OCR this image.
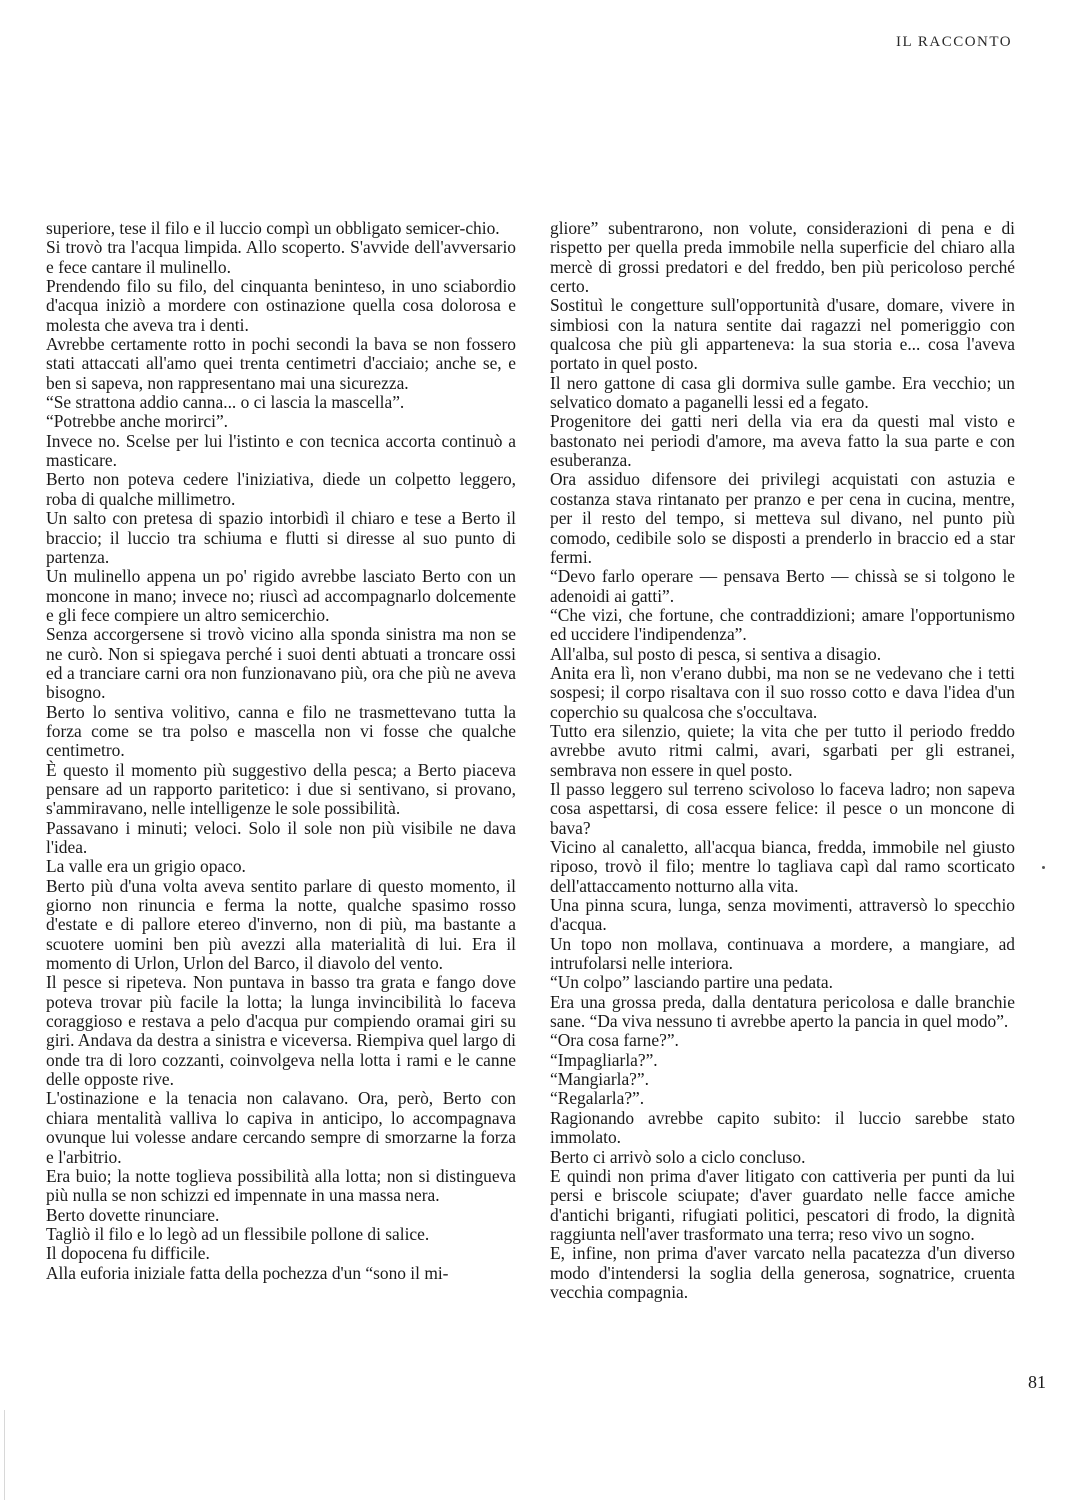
IL RACCONTO

superiore, tese il filo e il luccio compì un obbligato semicer-chio.

Si trovò tra l'acqua limpida. Allo scoperto. S'avvide dell'avversario e fece cantare il mulinello.

Prendendo filo su filo, del cinquanta beninteso, in uno sciabordio d'acqua iniziò a mordere con ostinazione quella cosa dolorosa e molesta che aveva tra i denti.

Avrebbe certamente rotto in pochi secondi la bava se non fossero stati attaccati all'amo quei trenta centimetri d'acciaio; anche se, e ben si sapeva, non rappresentano mai una sicurezza.

“Se strattona addio canna... o ci lascia la mascella”.

“Potrebbe anche morirci”.

Invece no. Scelse per lui l'istinto e con tecnica accorta continuò a masticare.

Berto non poteva cedere l'iniziativa, diede un colpetto leggero, roba di qualche millimetro.

Un salto con pretesa di spazio intorbidì il chiaro e tese a Berto il braccio; il luccio tra schiuma e flutti si diresse al suo punto di partenza.

Un mulinello appena un po' rigido avrebbe lasciato Berto con un moncone in mano; invece no; riuscì ad accompagnarlo dolcemente e gli fece compiere un altro semicerchio.

Senza accorgersene si trovò vicino alla sponda sinistra ma non se ne curò. Non si spiegava perché i suoi denti abtuati a troncare ossi ed a tranciare carni ora non funzionavano più, ora che più ne aveva bisogno.

Berto lo sentiva volitivo, canna e filo ne trasmettevano tutta la forza come se tra polso e mascella non vi fosse che qualche centimetro.

È questo il momento più suggestivo della pesca; a Berto piaceva pensare ad un rapporto paritetico: i due si sentivano, si provano, s'ammiravano, nelle intelligenze le sole possibilità.

Passavano i minuti; veloci. Solo il sole non più visibile ne dava l'idea.

La valle era un grigio opaco.

Berto più d'una volta aveva sentito parlare di questo momento, il giorno non rinuncia e ferma la notte, qualche spasimo rosso d'estate e di pallore etereo d'inverno, non di più, ma bastante a scuotere uomini ben più avezzi alla materialità di lui. Era il momento di Urlon, Urlon del Barco, il diavolo del vento.

Il pesce si ripeteva. Non puntava in basso tra grata e fango dove poteva trovar più facile la lotta; la lunga invincibilità lo faceva coraggioso e restava a pelo d'acqua pur compiendo oramai giri su giri. Andava da destra a sinistra e viceversa. Riempiva quel largo di onde tra di loro cozzanti, coinvolgeva nella lotta i rami e le canne delle opposte rive.

L'ostinazione e la tenacia non calavano. Ora, però, Berto con chiara mentalità valliva lo capiva in anticipo, lo accompagnava ovunque lui volesse andare cercando sempre di smorzarne la forza e l'arbitrio.

Era buio; la notte toglieva possibilità alla lotta; non si distingueva più nulla se non schizzi ed impennate in una massa nera.

Berto dovette rinunciare.

Tagliò il filo e lo legò ad un flessibile pollone di salice.

Il dopocena fu difficile.

Alla euforia iniziale fatta della pochezza d'un “sono il mi-

gliore” subentrarono, non volute, considerazioni di pena e di rispetto per quella preda immobile nella superficie del chiaro alla mercè di grossi predatori e del freddo, ben più pericoloso perché certo.

Sostituì le congetture sull'opportunità d'usare, domare, vivere in simbiosi con la natura sentite dai ragazzi nel pomeriggio con qualcosa che più gli apparteneva: la sua storia e... cosa l'aveva portato in quel posto.

Il nero gattone di casa gli dormiva sulle gambe. Era vecchio; un selvatico domato a paganelli lessi ed a fegato.

Progenitore dei gatti neri della via era da questi mal visto e bastonato nei periodi d'amore, ma aveva fatto la sua parte e con esuberanza.

Ora assiduo difensore dei privilegi acquistati con astuzia e costanza stava rintanato per pranzo e per cena in cucina, mentre, per il resto del tempo, si metteva sul divano, nel punto più comodo, cedibile solo se disposti a prenderlo in braccio ed a star fermi.

“Devo farlo operare — pensava Berto — chissà se si tolgono le adenoidi ai gatti”.

“Che vizi, che fortune, che contraddizioni; amare l'opportunismo ed uccidere l'indipendenza”.

All'alba, sul posto di pesca, si sentiva a disagio.

Anita era lì, non v'erano dubbi, ma non se ne vedevano che i tetti sospesi; il corpo risaltava con il suo rosso cotto e dava l'idea d'un coperchio su qualcosa che s'occultava.

Tutto era silenzio, quiete; la vita che per tutto il periodo freddo avrebbe avuto ritmi calmi, avari, sgarbati per gli estranei, sembrava non essere in quel posto.

Il passo leggero sul terreno scivoloso lo faceva ladro; non sapeva cosa aspettarsi, di cosa essere felice: il pesce o un moncone di bava?

Vicino al canaletto, all'acqua bianca, fredda, immobile nel giusto riposo, trovò il filo; mentre lo tagliava capì dal ramo scorticato dell'attaccamento notturno alla vita.

Una pinna scura, lunga, senza movimenti, attraversò lo specchio d'acqua.

Un topo non mollava, continuava a mordere, a mangiare, ad intrufolarsi nelle interiora.

“Un colpo” lasciando partire una pedata.

Era una grossa preda, dalla dentatura pericolosa e dalle branchie sane. “Da viva nessuno ti avrebbe aperto la pancia in quel modo”.

“Ora cosa farne?”.

“Impagliarla?”.

“Mangiarla?”.

“Regalarla?”.

Ragionando avrebbe capito subito: il luccio sarebbe stato immolato.

Berto ci arrivò solo a ciclo concluso.

E quindi non prima d'aver litigato con cattiveria per punti da lui persi e briscole sciupate; d'aver guardato nelle facce amiche d'antichi briganti, rifugiati politici, pescatori di frodo, la dignità raggiunta nell'aver trasformato una terra; reso vivo un sogno.

E, infine, non prima d'aver varcato nella pacatezza d'un diverso modo d'intendersi la soglia della generosa, sognatrice, cruenta vecchia compagnia.

81
